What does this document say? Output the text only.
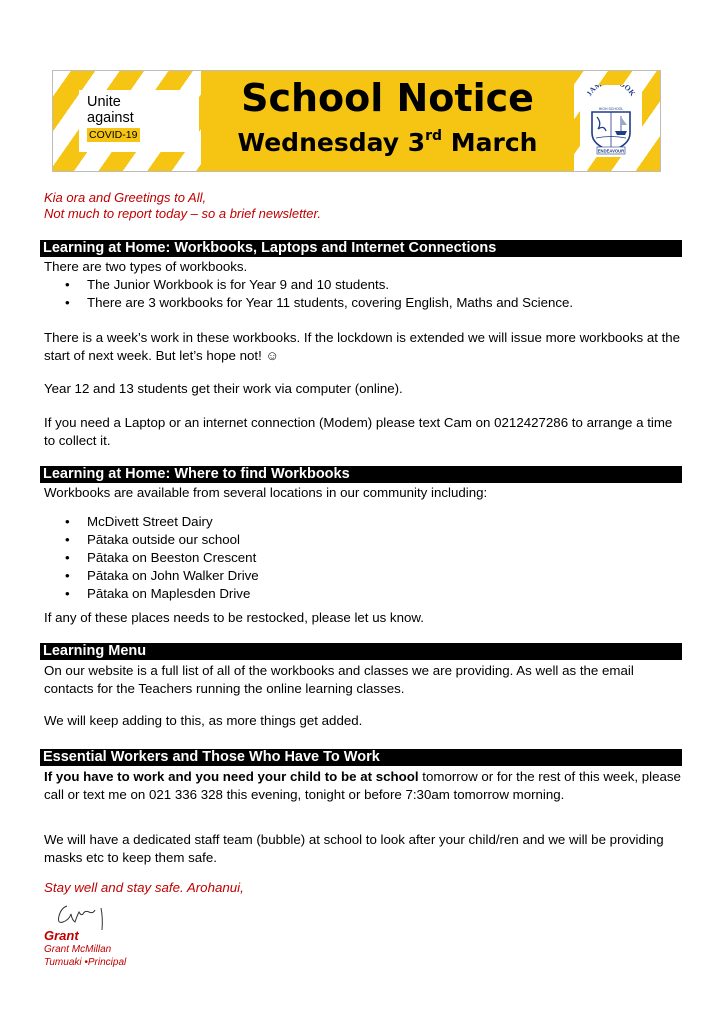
Unite
against
COVID-19
School Notice
Wednesday 3rd March
JAM OK
HIGH SCHOOL
ENDEAVOUR
Kia ora and Greetings to All,
Not much to report today – so a brief newsletter.
Learning at Home: Workbooks, Laptops and Internet Connections

There are two types of workbooks.

• The Junior Workbook is for Year 9 and 10 students.
• There are 3 workbooks for Year 11 students, covering English, Maths and Science.

There is a week’s work in these workbooks. If the lockdown is extended we will issue more workbooks at the start of next week. But let’s hope not! ☺

Year 12 and 13 students get their work via computer (online).

If you need a Laptop or an internet connection (Modem) please text Cam on 0212427286 to arrange a time to collect it.

Learning at Home: Where to find Workbooks

Workbooks are available from several locations in our community including:

• McDivett Street Dairy
• Pātaka outside our school
• Pātaka on Beeston Crescent
• Pātaka on John Walker Drive
• Pātaka on Maplesden Drive

If any of these places needs to be restocked, please let us know.

Learning Menu

On our website is a full list of all of the workbooks and classes we are providing. As well as the email contacts for the Teachers running the online learning classes.

We will keep adding to this, as more things get added.

Essential Workers and Those Who Have To Work

If you have to work and you need your child to be at school tomorrow or for the rest of this week, please call or text me on 021 336 328 this evening, tonight or before 7:30am tomorrow morning.

We will have a dedicated staff team (bubble) at school to look after your child/ren and we will be providing masks etc to keep them safe.

Stay well and stay safe. Arohanui,
Grant
Grant McMillan
Tumuaki •Principal
